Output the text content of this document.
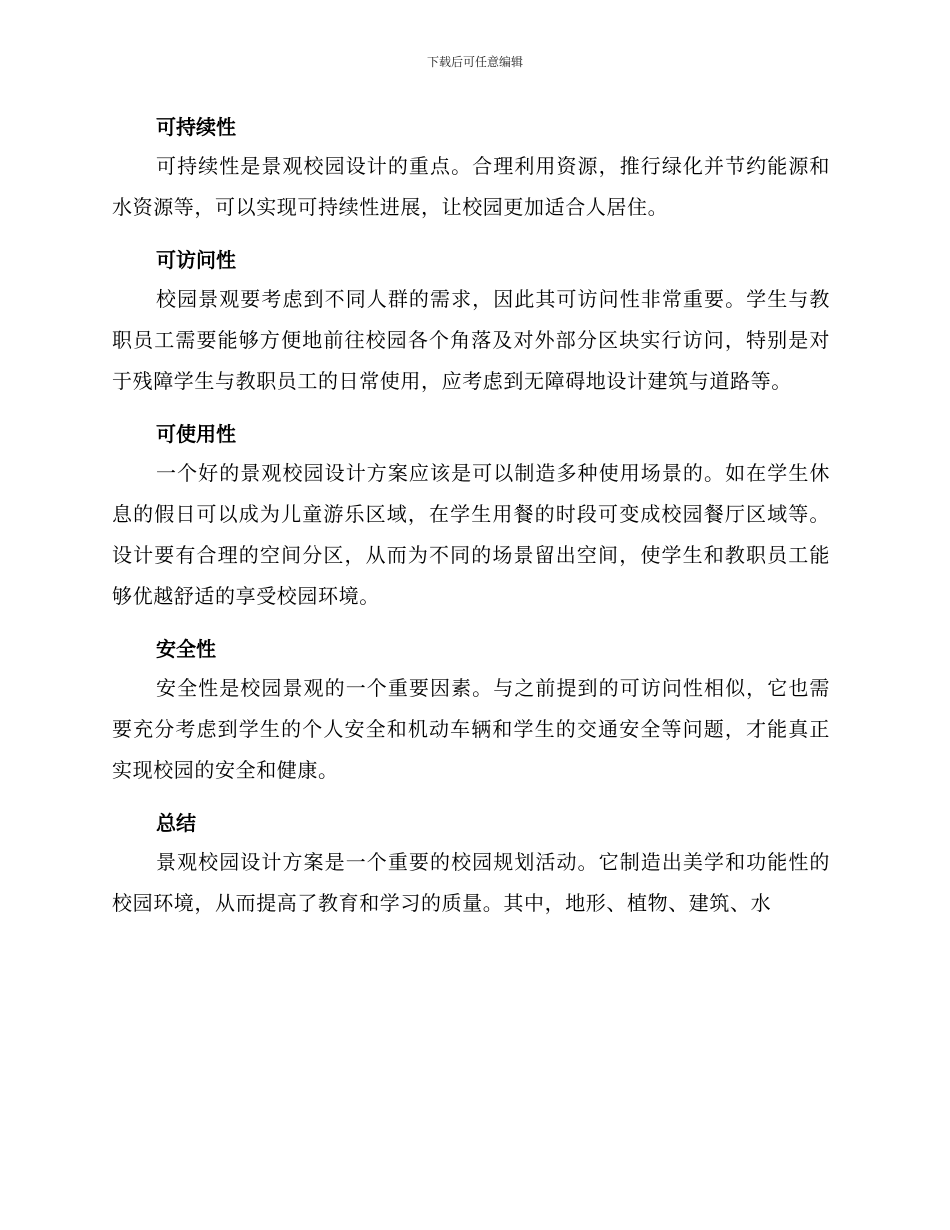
下载后可任意编辑
可持续性

可持续性是景观校园设计的重点。合理利用资源，推行绿化并节约能源和水资源等，可以实现可持续性进展，让校园更加适合人居住。

可访问性

校园景观要考虑到不同人群的需求，因此其可访问性非常重要。学生与教职员工需要能够方便地前往校园各个角落及对外部分区块实行访问，特别是对于残障学生与教职员工的日常使用，应考虑到无障碍地设计建筑与道路等。

可使用性

一个好的景观校园设计方案应该是可以制造多种使用场景的。如在学生休息的假日可以成为儿童游乐区域，在学生用餐的时段可变成校园餐厅区域等。设计要有合理的空间分区，从而为不同的场景留出空间，使学生和教职员工能够优越舒适的享受校园环境。

安全性

安全性是校园景观的一个重要因素。与之前提到的可访问性相似，它也需要充分考虑到学生的个人安全和机动车辆和学生的交通安全等问题，才能真正实现校园的安全和健康。

总结

景观校园设计方案是一个重要的校园规划活动。它制造出美学和功能性的校园环境，从而提高了教育和学习的质量。其中，地形、植物、建筑、水
